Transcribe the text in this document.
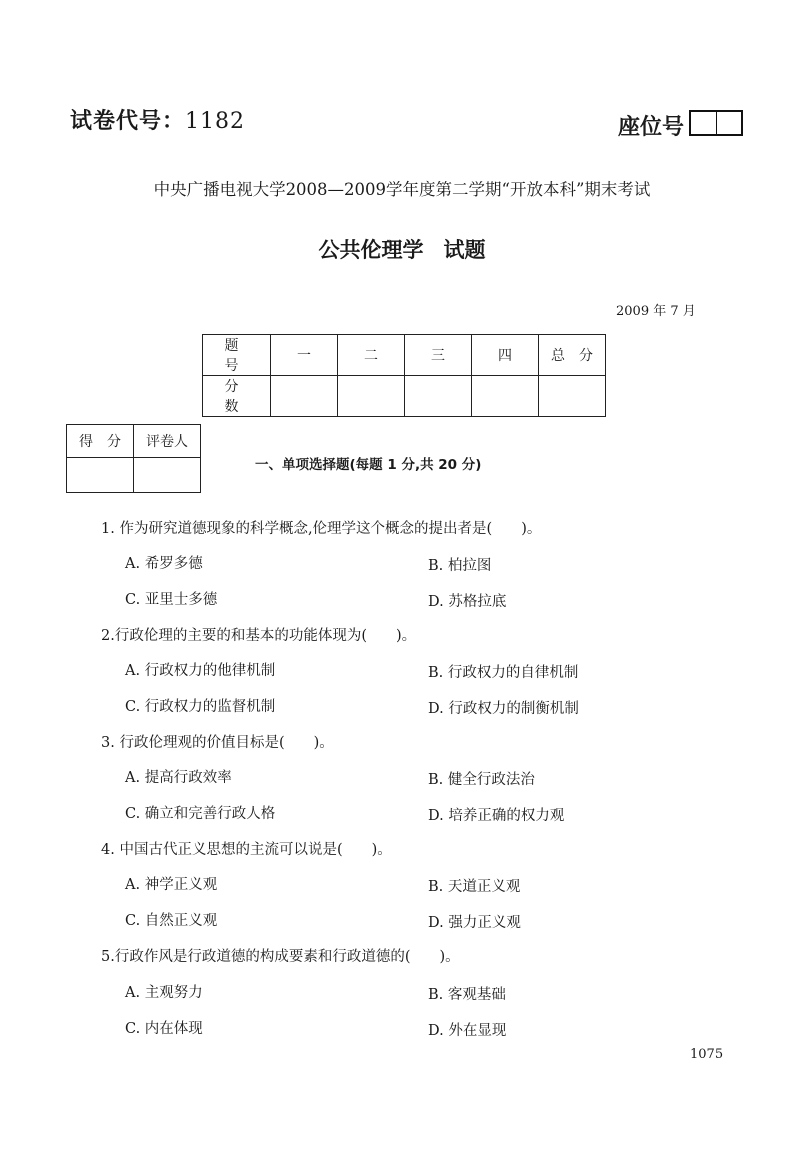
试卷代号：1182	座位号
中央广播电视大学2008—2009学年度第二学期“开放本科”期末考试
公共伦理学 试题
2009 年 7 月
题　号	一	二	三	四	总　分
分　数					
得　分	评卷人

一、单项选择题(每题 1 分,共 20 分)
1. 作为研究道德现象的科学概念,伦理学这个概念的提出者是(　　)。
A. 希罗多德	B. 柏拉图
C. 亚里士多德	D. 苏格拉底
2.行政伦理的主要的和基本的功能体现为(　　)。
A. 行政权力的他律机制	B. 行政权力的自律机制
C. 行政权力的监督机制	D. 行政权力的制衡机制
3. 行政伦理观的价值目标是(　　)。
A. 提高行政效率	B. 健全行政法治
C. 确立和完善行政人格	D. 培养正确的权力观
4. 中国古代正义思想的主流可以说是(　　)。
A. 神学正义观	B. 天道正义观
C. 自然正义观	D. 强力正义观
5.行政作风是行政道德的构成要素和行政道德的(　　)。
A. 主观努力	B. 客观基础
C. 内在体现	D. 外在显现
1075
